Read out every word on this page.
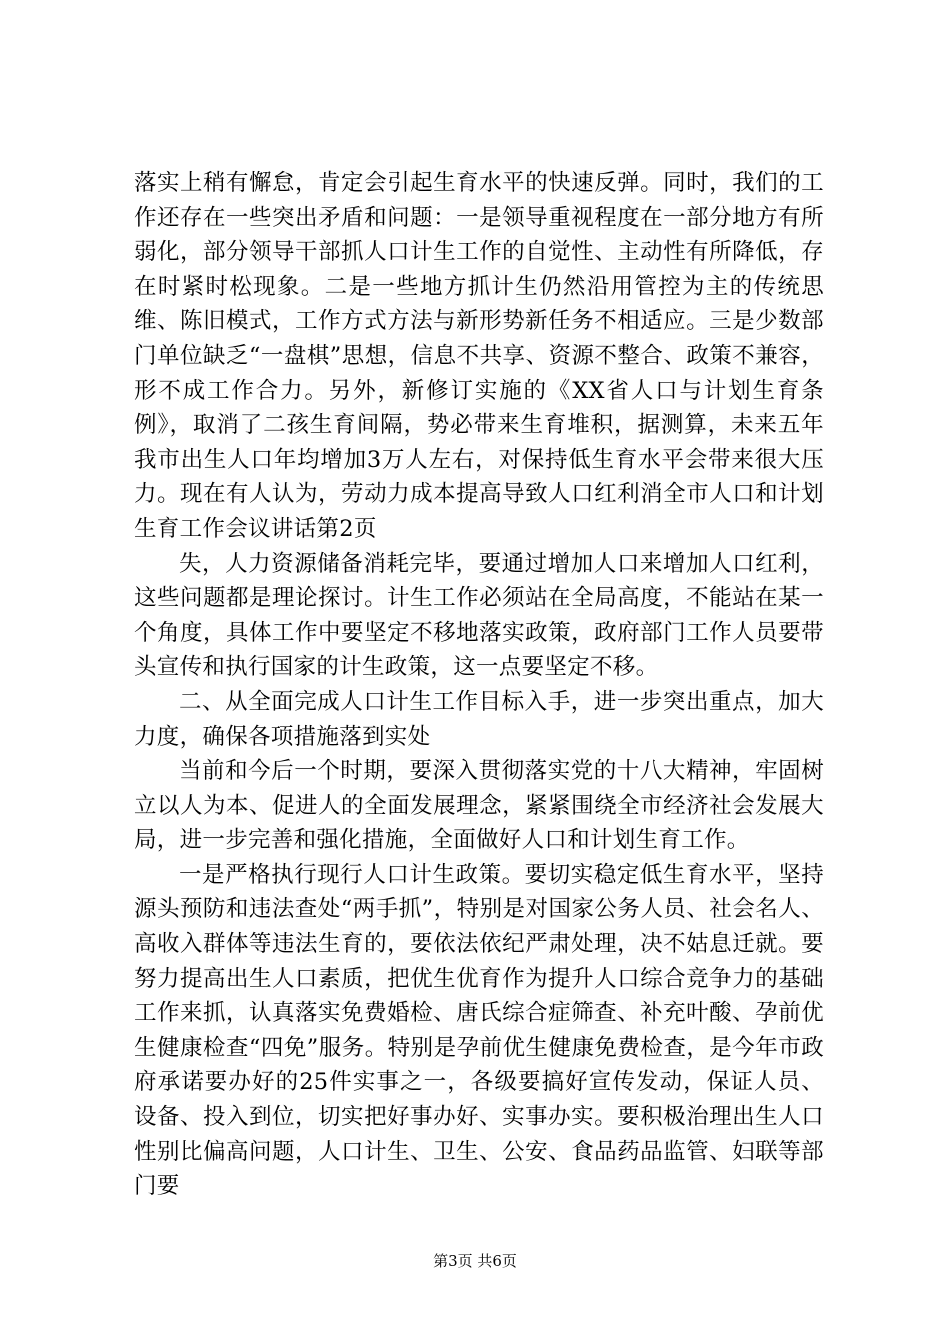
落实上稍有懈怠，肯定会引起生育水平的快速反弹。同时，我们的工作还存在一些突出矛盾和问题：一是领导重视程度在一部分地方有所弱化，部分领导干部抓人口计生工作的自觉性、主动性有所降低，存在时紧时松现象。二是一些地方抓计生仍然沿用管控为主的传统思维、陈旧模式，工作方式方法与新形势新任务不相适应。三是少数部门单位缺乏“一盘棋”思想，信息不共享、资源不整合、政策不兼容，形不成工作合力。另外，新修订实施的《XX省人口与计划生育条例》，取消了二孩生育间隔，势必带来生育堆积，据测算，未来五年我市出生人口年均增加3万人左右，对保持低生育水平会带来很大压力。现在有人认为，劳动力成本提高导致人口红利消全市人口和计划生育工作会议讲话第2页

失，人力资源储备消耗完毕，要通过增加人口来增加人口红利，这些问题都是理论探讨。计生工作必须站在全局高度，不能站在某一个角度，具体工作中要坚定不移地落实政策，政府部门工作人员要带头宣传和执行国家的计生政策，这一点要坚定不移。

二、从全面完成人口计生工作目标入手，进一步突出重点，加大力度，确保各项措施落到实处

当前和今后一个时期，要深入贯彻落实党的十八大精神，牢固树立以人为本、促进人的全面发展理念，紧紧围绕全市经济社会发展大局，进一步完善和强化措施，全面做好人口和计划生育工作。

一是严格执行现行人口计生政策。要切实稳定低生育水平，坚持源头预防和违法查处“两手抓”，特别是对国家公务人员、社会名人、高收入群体等违法生育的，要依法依纪严肃处理，决不姑息迁就。要努力提高出生人口素质，把优生优育作为提升人口综合竞争力的基础工作来抓，认真落实免费婚检、唐氏综合症筛查、补充叶酸、孕前优生健康检查“四免”服务。特别是孕前优生健康免费检查，是今年市政府承诺要办好的25件实事之一，各级要搞好宣传发动，保证人员、设备、投入到位，切实把好事办好、实事办实。要积极治理出生人口性别比偏高问题，人口计生、卫生、公安、食品药品监管、妇联等部门要

第3页 共6页
